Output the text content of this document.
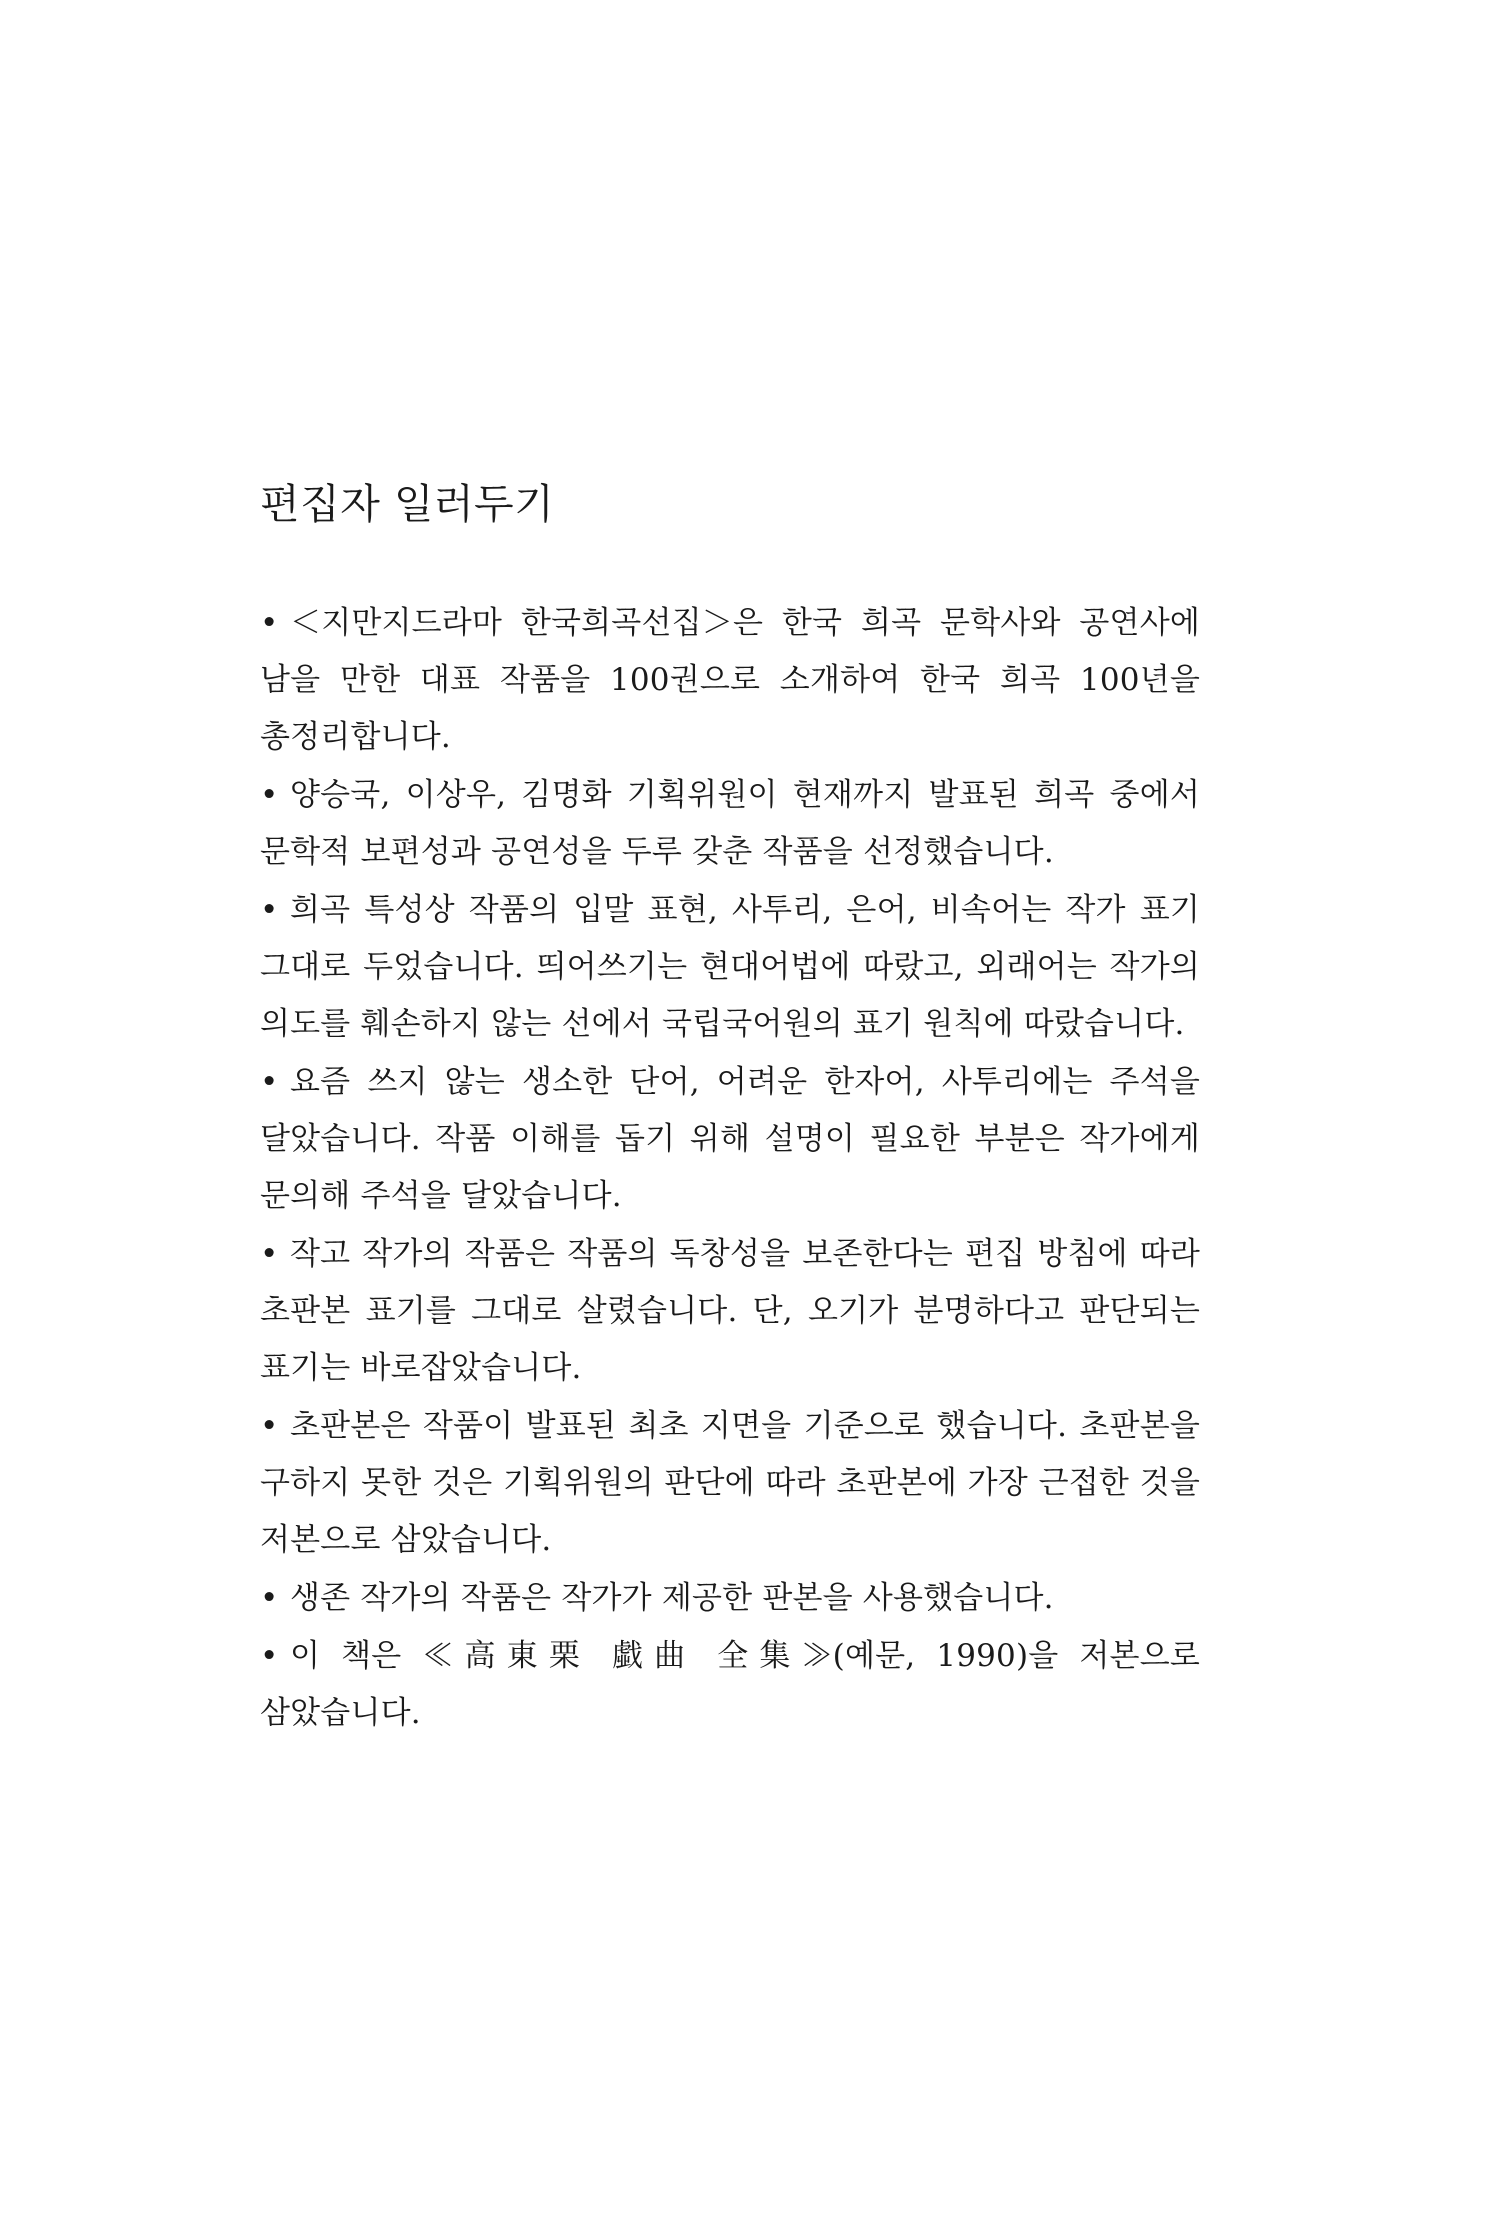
편집자 일러두기
• ＜지만지드라마 한국희곡선집＞은 한국 희곡 문학사와 공연사에 남을 만한 대표 작품을 100권으로 소개하여 한국 희곡 100년을 총정리합니다.
• 양승국, 이상우, 김명화 기획위원이 현재까지 발표된 희곡 중에서 문학적 보편성과 공연성을 두루 갖춘 작품을 선정했습니다.
• 희곡 특성상 작품의 입말 표현, 사투리, 은어, 비속어는 작가 표기 그대로 두었습니다. 띄어쓰기는 현대어법에 따랐고, 외래어는 작가의 의도를 훼손하지 않는 선에서 국립국어원의 표기 원칙에 따랐습니다.
• 요즘 쓰지 않는 생소한 단어, 어려운 한자어, 사투리에는 주석을 달았습니다. 작품 이해를 돕기 위해 설명이 필요한 부분은 작가에게 문의해 주석을 달았습니다.
• 작고 작가의 작품은 작품의 독창성을 보존한다는 편집 방침에 따라 초판본 표기를 그대로 살렸습니다. 단, 오기가 분명하다고 판단되는 표기는 바로잡았습니다.
• 초판본은 작품이 발표된 최초 지면을 기준으로 했습니다. 초판본을 구하지 못한 것은 기획위원의 판단에 따라 초판본에 가장 근접한 것을 저본으로 삼았습니다.
• 생존 작가의 작품은 작가가 제공한 판본을 사용했습니다.
• 이 책은 ≪高東栗 戱曲 全集≫(예문, 1990)을 저본으로 삼았습니다.
